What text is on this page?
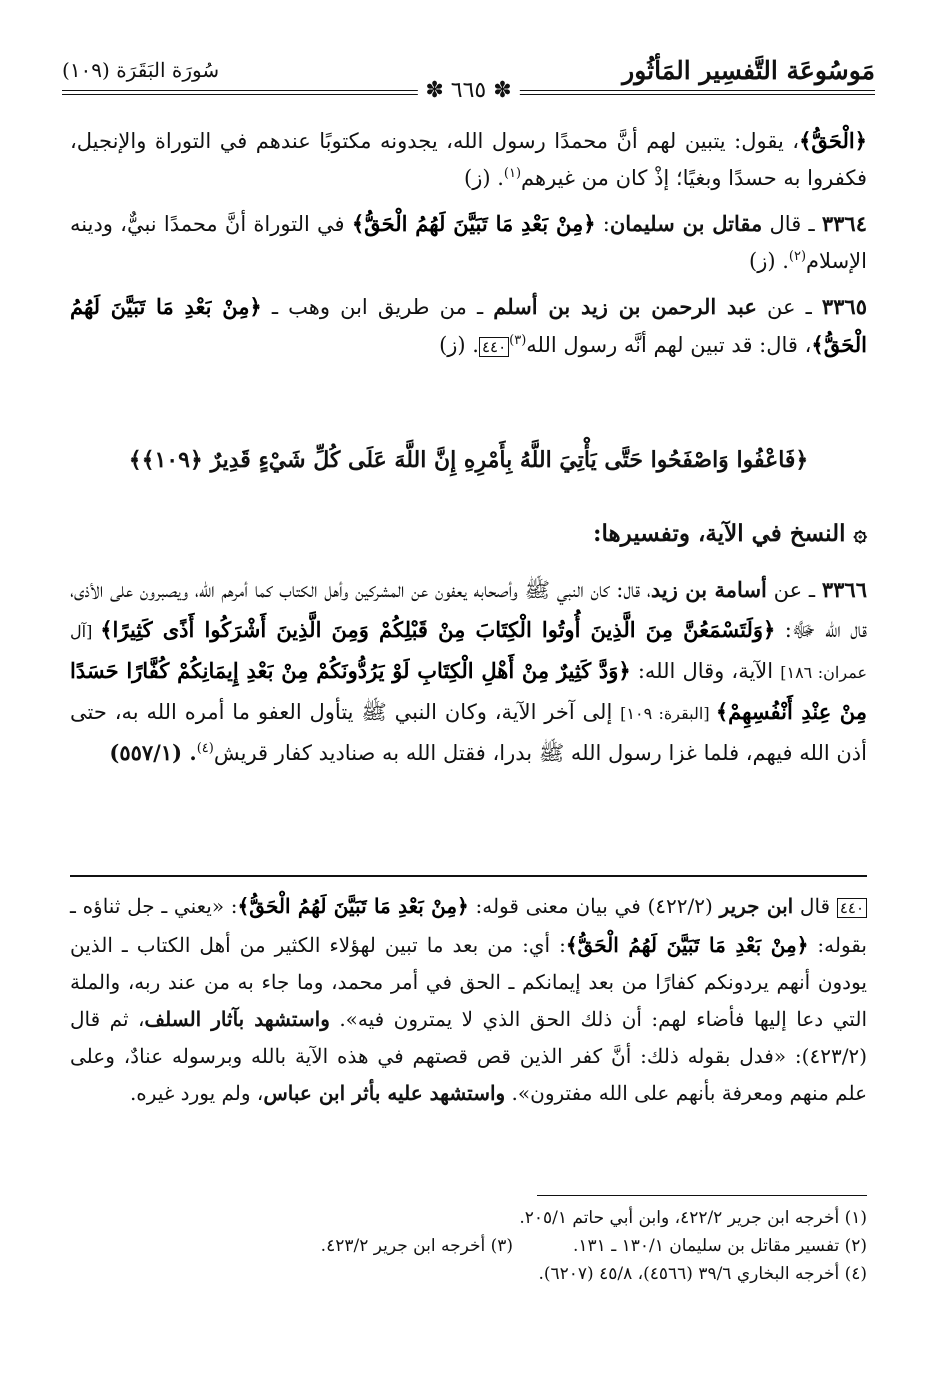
مَوسُوعَة التَّفسِير المَأثُور
سُورَة البَقَرَة (١٠٩)
✽ ٦٦٥ ✽

﴿الْحَقُّ﴾، يقول: يتبين لهم أنَّ محمدًا رسول الله، يجدونه مكتوبًا عندهم في التوراة والإنجيل، فكفروا به حسدًا وبغيًا؛ إذْ كان من غيرهم$^{(١)}$. (ز)

٣٣٦٤ ـ قال مقاتل بن سليمان: ﴿مِنْ بَعْدِ مَا تَبَيَّنَ لَهُمُ الْحَقُّ﴾ في التوراة أنَّ محمدًا نبيٌّ، ودينه الإسلام$^{(٢)}$. (ز)

٣٣٦٥ ـ عن عبد الرحمن بن زيد بن أسلم ـ من طريق ابن وهب ـ ﴿مِنْ بَعْدِ مَا تَبَيَّنَ لَهُمُ الْحَقُّ﴾، قال: قد تبين لهم أنَّه رسول الله$^{(٣)}$٤٤٠. (ز)

﴿فَاعْفُوا وَاصْفَحُوا حَتَّى يَأْتِيَ اللَّهُ بِأَمْرِهِ إِنَّ اللَّهَ عَلَى كُلِّ شَيْءٍ قَدِيرٌ ﴿١٠٩﴾﴾
۞النسخ في الآية، وتفسيرها:
٣٣٦٦ ـ عن أسامة بن زيد، قال: كان النبي ﷺ وأصحابه يعفون عن المشركين وأهل الكتاب كما أمرهم الله، ويصبرون على الأذى، قال الله ﷻ: ﴿وَلَتَسْمَعُنَّ مِنَ الَّذِينَ أُوتُوا الْكِتَابَ مِنْ قَبْلِكُمْ وَمِنَ الَّذِينَ أَشْرَكُوا أَذًى كَثِيرًا﴾ [آل عمران: ١٨٦] الآية، وقال الله: ﴿وَدَّ كَثِيرٌ مِنْ أَهْلِ الْكِتَابِ لَوْ يَرُدُّونَكُمْ مِنْ بَعْدِ إِيمَانِكُمْ كُفَّارًا حَسَدًا مِنْ عِنْدِ أَنْفُسِهِمْ﴾ [البقرة: ١٠٩] إلى آخر الآية، وكان النبي ﷺ يتأول العفو ما أمره الله به، حتى أذن الله فيهم، فلما غزا رسول الله ﷺ بدرا، فقتل الله به صناديد كفار قريش$^{(٤)}$. (٥٥٧/١)
٤٤٠ قال ابن جرير (٤٢٢/٢) في بيان معنى قوله: ﴿مِنْ بَعْدِ مَا تَبَيَّنَ لَهُمُ الْحَقُّ﴾: «يعني ـ جل ثناؤه ـ بقوله: ﴿مِنْ بَعْدِ مَا تَبَيَّنَ لَهُمُ الْحَقُّ﴾: أي: من بعد ما تبين لهؤلاء الكثير من أهل الكتاب ـ الذين يودون أنهم يردونكم كفارًا من بعد إيمانكم ـ الحق في أمر محمد، وما جاء به من عند ربه، والملة التي دعا إليها فأضاء لهم: أن ذلك الحق الذي لا يمترون فيه». واستشهد بآثار السلف، ثم قال (٤٢٣/٢): «فدل بقوله ذلك: أنَّ كفر الذين قص قصتهم في هذه الآية بالله وبرسوله عنادٌ، وعلى علم منهم ومعرفة بأنهم على الله مفترون». واستشهد عليه بأثر ابن عباس، ولم يورد غيره.
(١) أخرجه ابن جرير ٤٢٢/٢، وابن أبي حاتم ٢٠٥/١.
(٢) تفسير مقاتل بن سليمان ١٣٠/١ ـ ١٣١.
(٣) أخرجه ابن جرير ٤٢٣/٢.
(٤) أخرجه البخاري ٣٩/٦ (٤٥٦٦)، ٤٥/٨ (٦٢٠٧).
